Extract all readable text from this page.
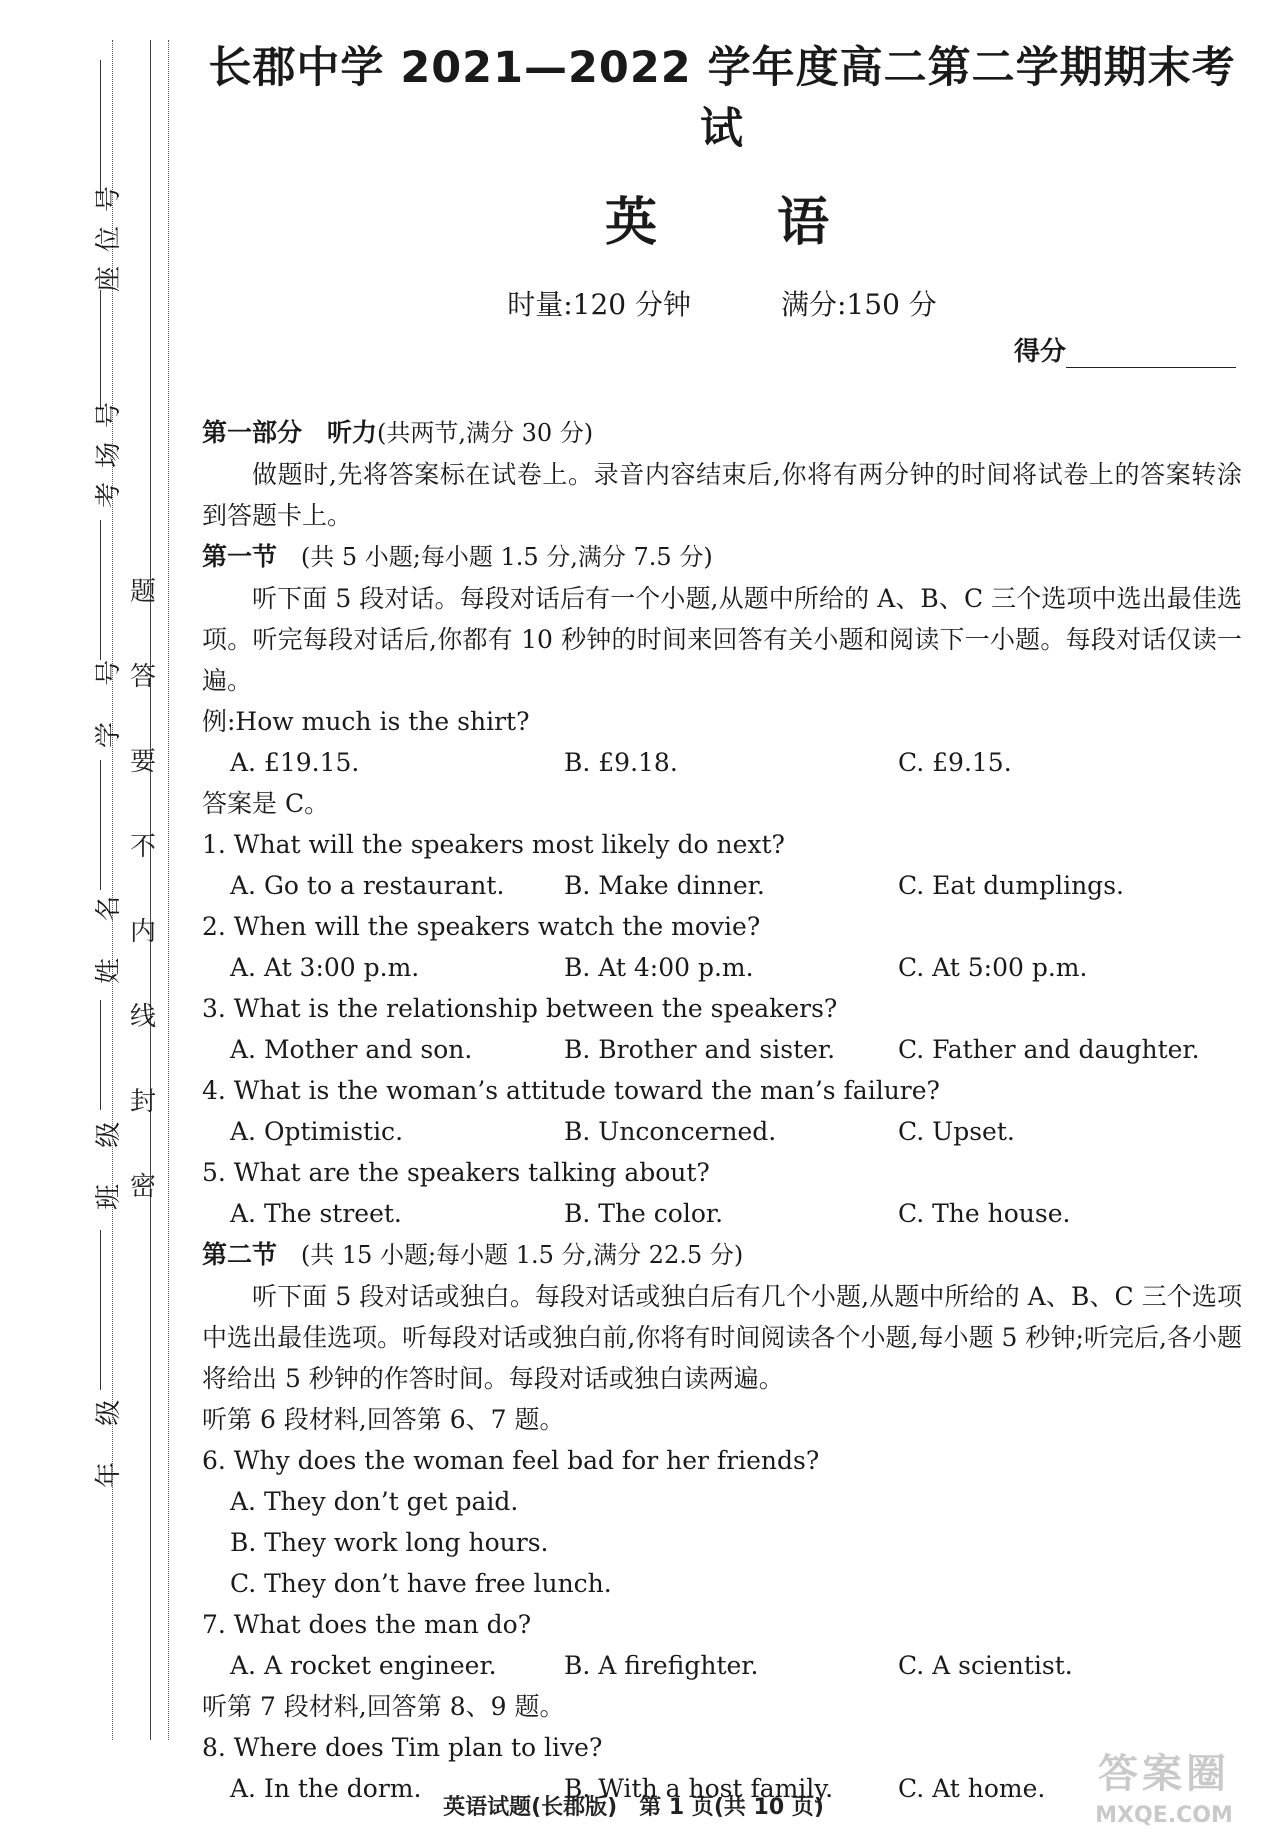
座位号
考场号
学 号
姓 名
班 级
年 级
题
答
要
不
内
线
封
密
长郡中学 2021—2022 学年度高二第二学期期末考试
英语
时量:120 分钟	满分:150 分
得分

第一部分　听力(共两节,满分 30 分)

做题时,先将答案标在试卷上。录音内容结束后,你将有两分钟的时间将试卷上的答案转涂到答题卡上。

第一节 (共 5 小题;每小题 1.5 分,满分 7.5 分)

听下面 5 段对话。每段对话后有一个小题,从题中所给的 A、B、C 三个选项中选出最佳选项。听完每段对话后,你都有 10 秒钟的时间来回答有关小题和阅读下一小题。每段对话仅读一遍。

例:How much is the shirt?

A. £19.15.	B. £9.18.	C. £9.15.

答案是 C。

1. What will the speakers most likely do next?

A. Go to a restaurant.	B. Make dinner.	C. Eat dumplings.

2. When will the speakers watch the movie?

A. At 3:00 p.m.	B. At 4:00 p.m.	C. At 5:00 p.m.

3. What is the relationship between the speakers?

A. Mother and son.	B. Brother and sister.	C. Father and daughter.

4. What is the woman’s attitude toward the man’s failure?

A. Optimistic.	B. Unconcerned.	C. Upset.

5. What are the speakers talking about?

A. The street.	B. The color.	C. The house.

第二节 (共 15 小题;每小题 1.5 分,满分 22.5 分)

听下面 5 段对话或独白。每段对话或独白后有几个小题,从题中所给的 A、B、C 三个选项中选出最佳选项。听每段对话或独白前,你将有时间阅读各个小题,每小题 5 秒钟;听完后,各小题将给出 5 秒钟的作答时间。每段对话或独白读两遍。

听第 6 段材料,回答第 6、7 题。

6. Why does the woman feel bad for her friends?

A. They don’t get paid.

B. They work long hours.

C. They don’t have free lunch.

7. What does the man do?

A. A rocket engineer.	B. A firefighter.	C. A scientist.

听第 7 段材料,回答第 8、9 题。

8. Where does Tim plan to live?

A. In the dorm.	B. With a host family.	C. At home.
英语试题(长郡版)　第 1 页(共 10 页)
答案圈
MXQE.COM
